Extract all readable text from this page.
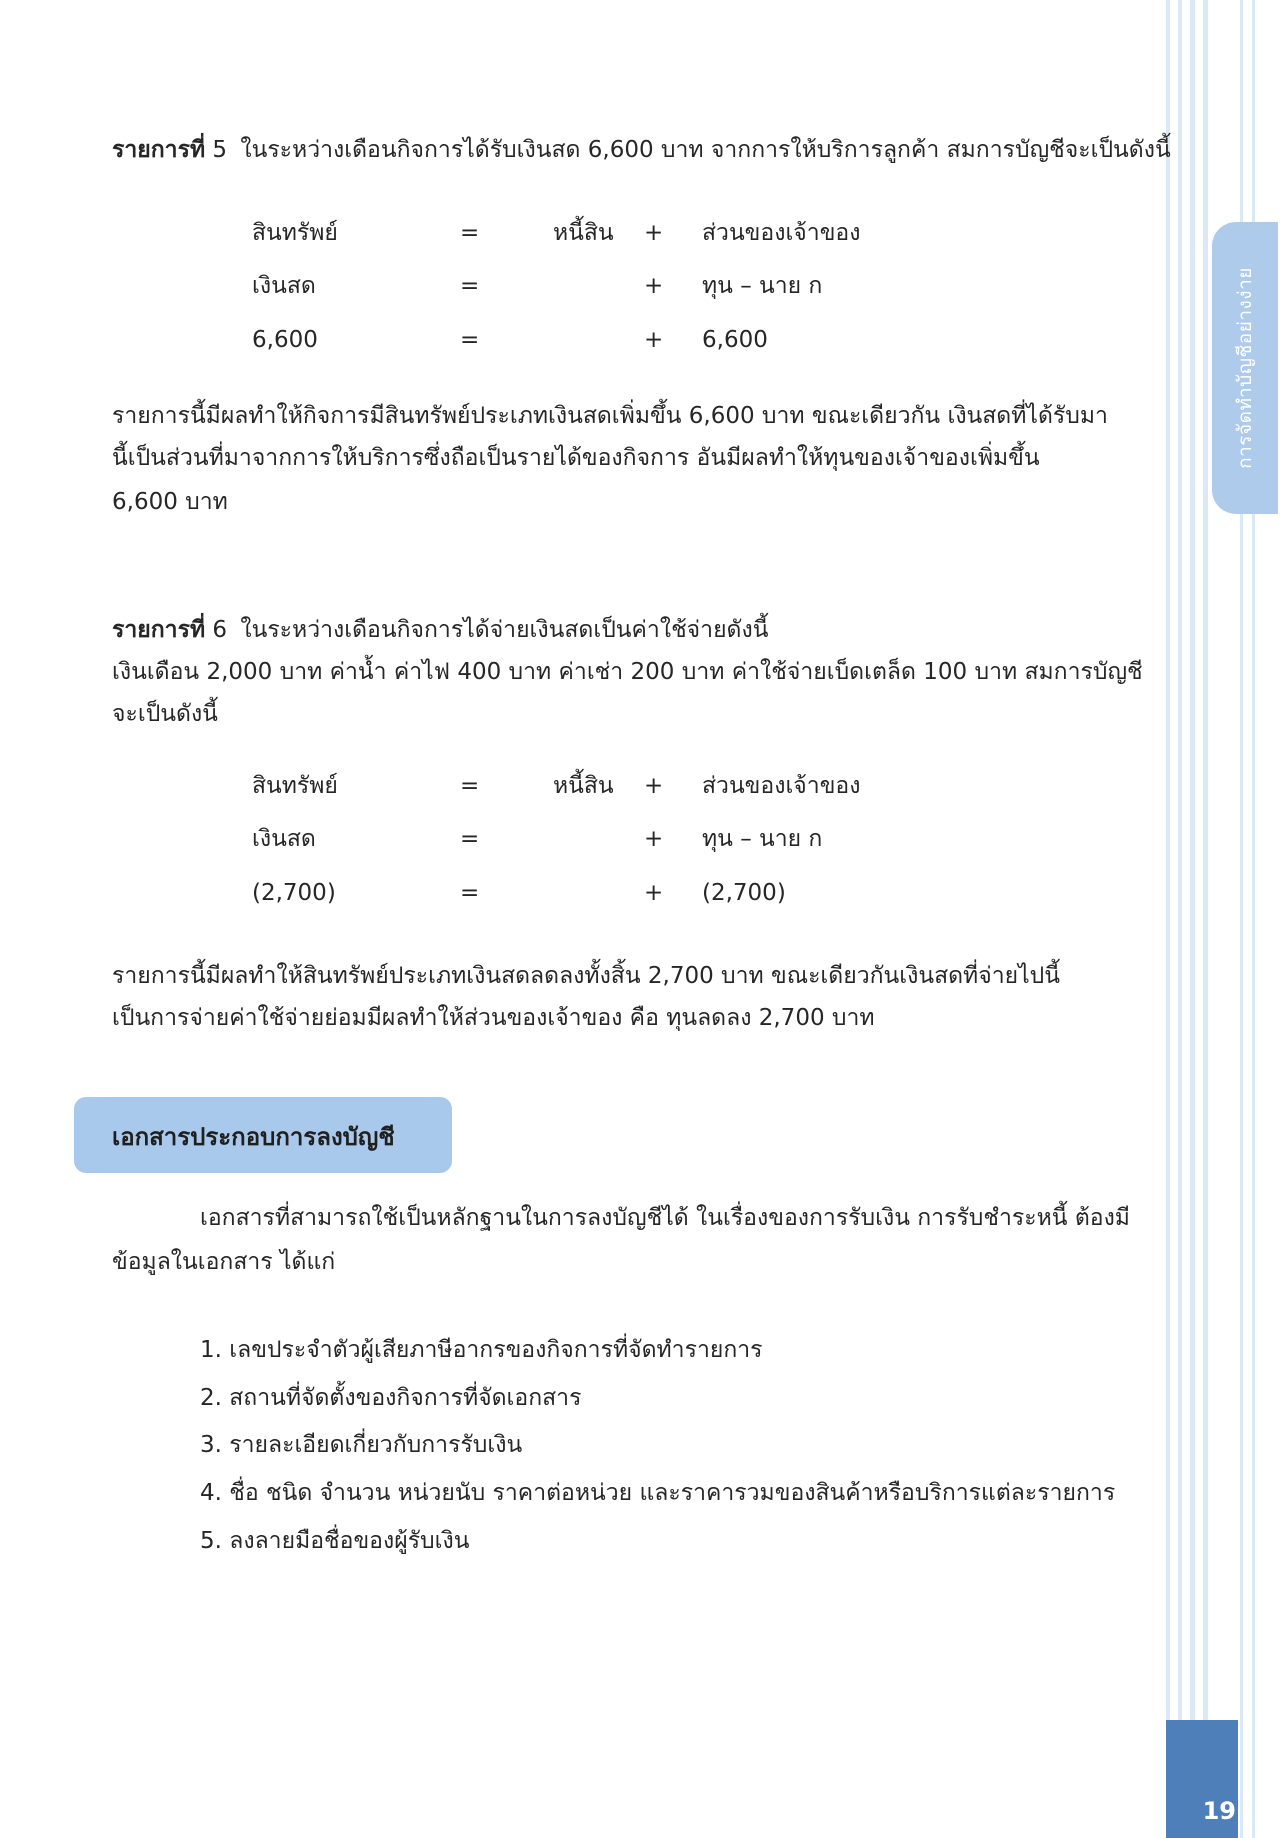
การจัดทำบัญชีอย่างง่าย
19

รายการที่ 5 ในระหว่างเดือนกิจการได้รับเงินสด 6,600 บาท จากการให้บริการลูกค้า สมการบัญชีจะเป็นดังนี้

สินทรัพย์	=	หนี้สิน + ส่วนของเจ้าของ
เงินสด	=	+ ทุน – นาย ก
6,600	=	+ 6,600

รายการนี้มีผลทำให้กิจการมีสินทรัพย์ประเภทเงินสดเพิ่มขึ้น 6,600 บาท ขณะเดียวกัน เงินสดที่ได้รับมา

นี้เป็นส่วนที่มาจากการให้บริการซึ่งถือเป็นรายได้ของกิจการ อันมีผลทำให้ทุนของเจ้าของเพิ่มขึ้น

6,600 บาท

รายการที่ 6 ในระหว่างเดือนกิจการได้จ่ายเงินสดเป็นค่าใช้จ่ายดังนี้

เงินเดือน 2,000 บาท ค่าน้ำ ค่าไฟ 400 บาท ค่าเช่า 200 บาท ค่าใช้จ่ายเบ็ดเตล็ด 100 บาท สมการบัญชี

จะเป็นดังนี้

สินทรัพย์	=	หนี้สิน + ส่วนของเจ้าของ
เงินสด	=	+ ทุน – นาย ก
(2,700)	=	+ (2,700)

รายการนี้มีผลทำให้สินทรัพย์ประเภทเงินสดลดลงทั้งสิ้น 2,700 บาท ขณะเดียวกันเงินสดที่จ่ายไปนี้

เป็นการจ่ายค่าใช้จ่ายย่อมมีผลทำให้ส่วนของเจ้าของ คือ ทุนลดลง 2,700 บาท

เอกสารประกอบการลงบัญชี

เอกสารที่สามารถใช้เป็นหลักฐานในการลงบัญชีได้ ในเรื่องของการรับเงิน การรับชำระหนี้ ต้องมี

ข้อมูลในเอกสาร ได้แก่

1. เลขประจำตัวผู้เสียภาษีอากรของกิจการที่จัดทำรายการ
2. สถานที่จัดตั้งของกิจการที่จัดเอกสาร
3. รายละเอียดเกี่ยวกับการรับเงิน
4. ชื่อ ชนิด จำนวน หน่วยนับ ราคาต่อหน่วย และราคารวมของสินค้าหรือบริการแต่ละรายการ
5. ลงลายมือชื่อของผู้รับเงิน
